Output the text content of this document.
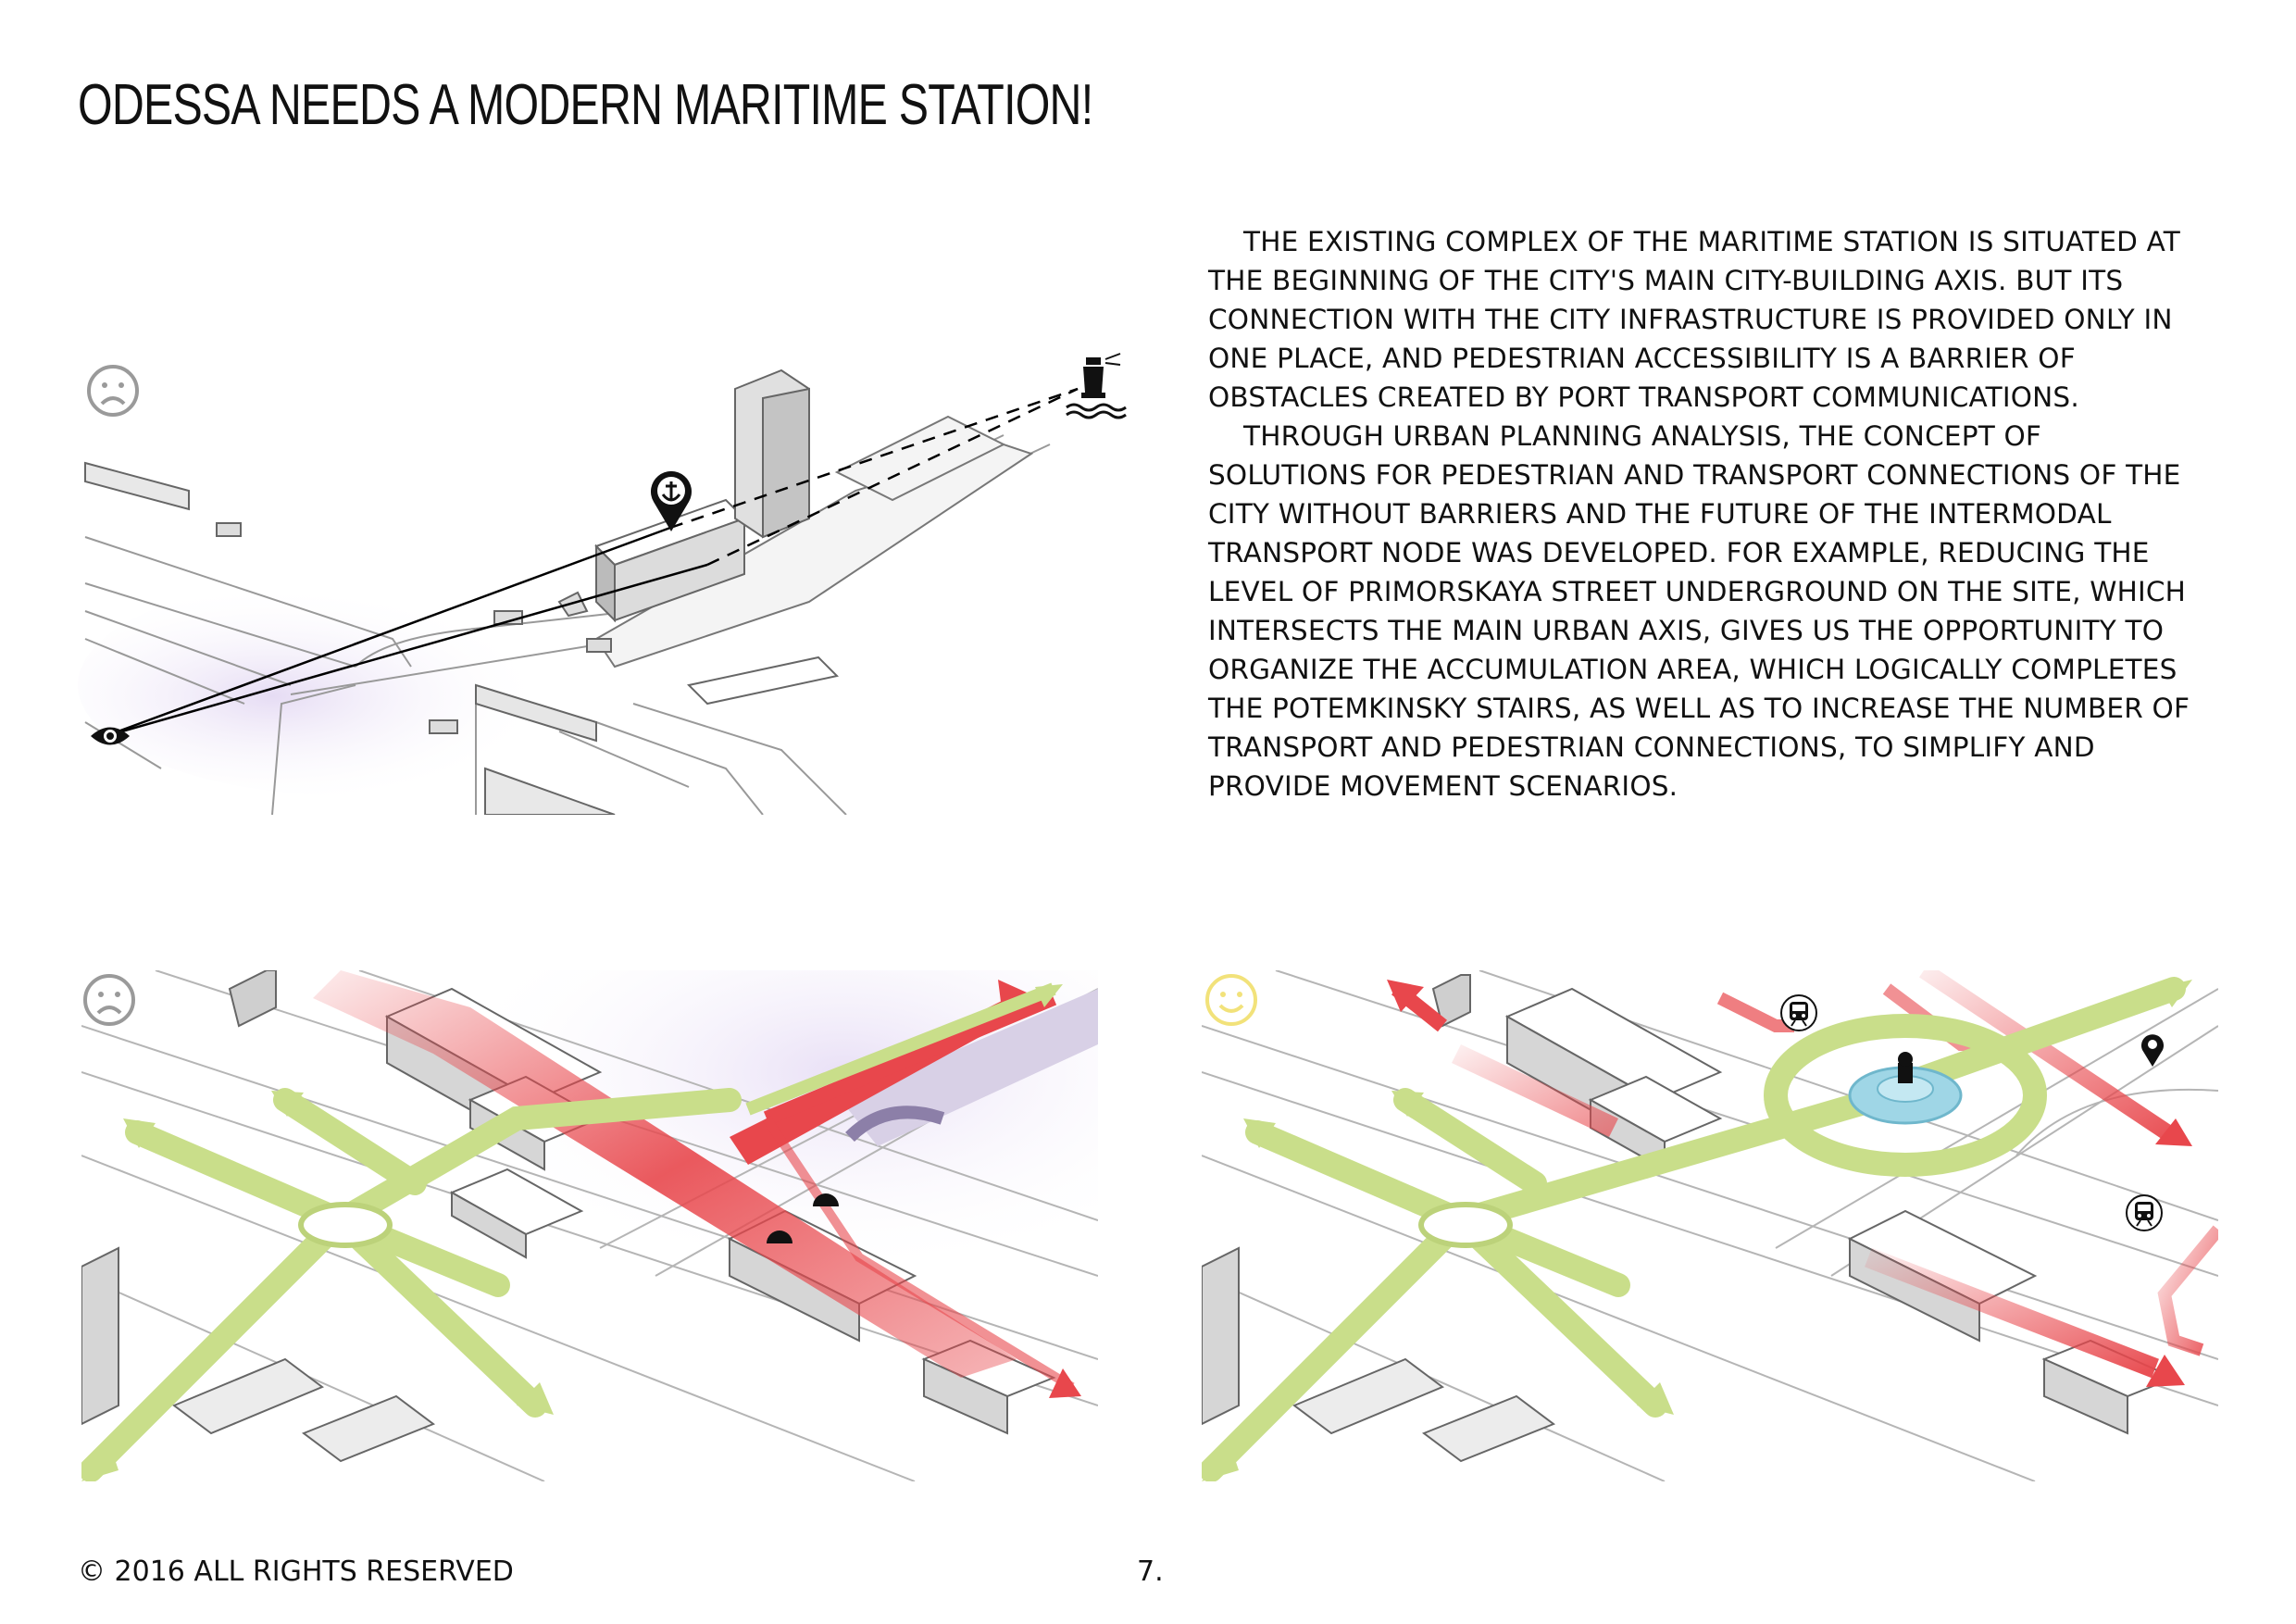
ODESSA NEEDS A MODERN MARITIME STATION!

THE EXISTING COMPLEX OF THE MARITIME STATION IS SITUATED AT THE BEGINNING OF THE CITY'S MAIN CITY-BUILDING AXIS. BUT ITS CONNECTION WITH THE CITY INFRASTRUCTURE IS PROVIDED ONLY IN ONE PLACE, AND PEDESTRIAN ACCESSIBILITY IS A BARRIER OF OBSTACLES CREATED BY PORT TRANSPORT COMMUNICATIONS.

THROUGH URBAN PLANNING ANALYSIS, THE CONCEPT OF SOLUTIONS FOR PEDESTRIAN AND TRANSPORT CONNECTIONS OF THE CITY WITHOUT BARRIERS AND THE FUTURE OF THE INTERMODAL TRANSPORT NODE WAS DEVELOPED. FOR EXAMPLE, REDUCING THE LEVEL OF PRIMORSKAYA STREET UNDERGROUND ON THE SITE, WHICH INTERSECTS THE MAIN URBAN AXIS, GIVES US THE OPPORTUNITY TO ORGANIZE THE ACCUMULATION AREA, WHICH LOGICALLY COMPLETES THE POTEMKINSKY STAIRS, AS WELL AS TO INCREASE THE NUMBER OF TRANSPORT AND PEDESTRIAN CONNECTIONS, TO SIMPLIFY AND PROVIDE MOVEMENT SCENARIOS.

© 2016 ALL RIGHTS RESERVED	7.
